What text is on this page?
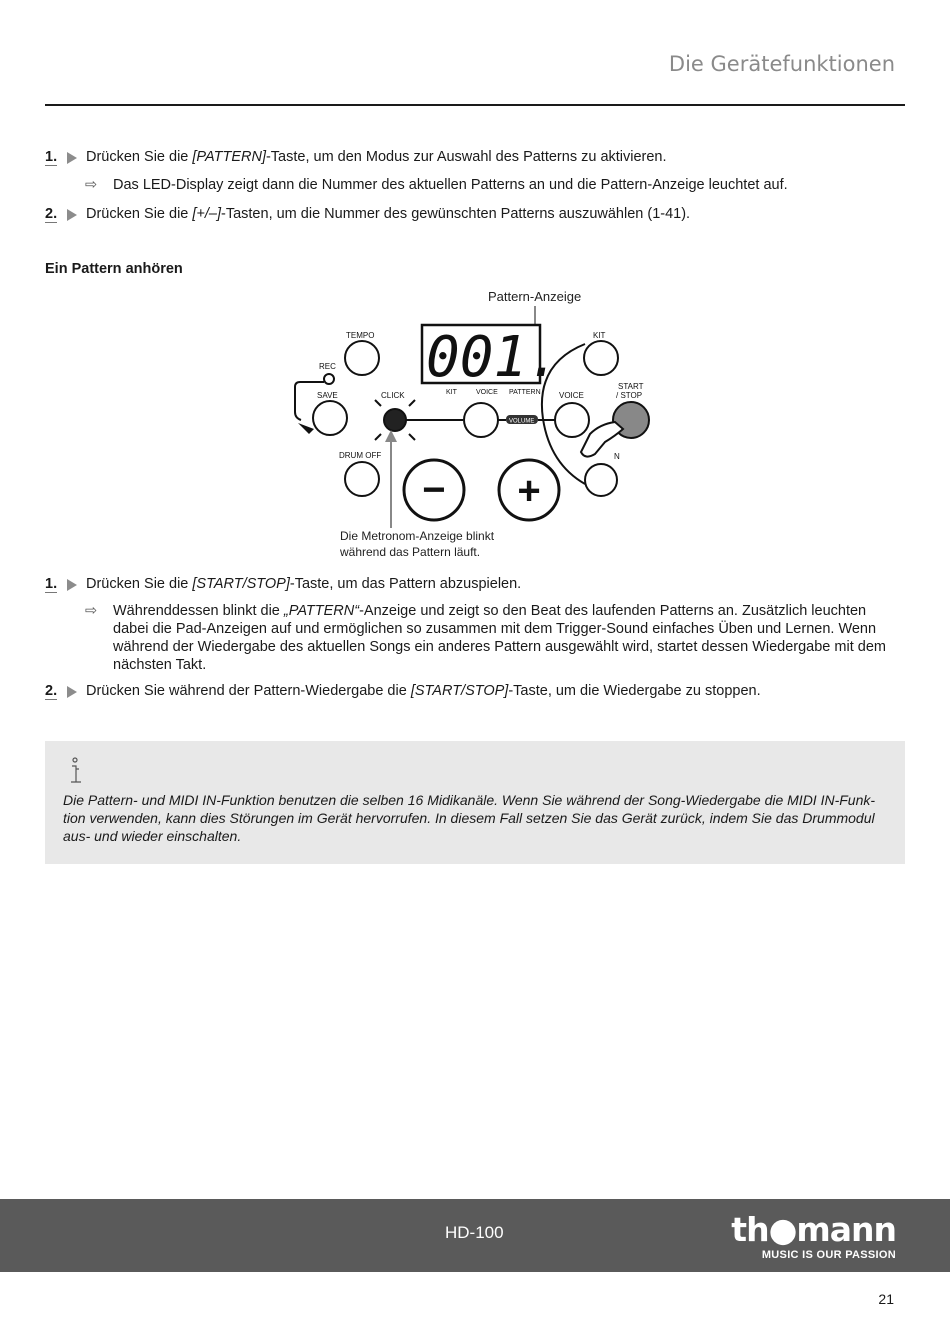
Die Gerätefunktionen
1.	Drücken Sie die [PATTERN]-Taste, um den Modus zur Auswahl des Patterns zu aktivieren.
⇨ Das LED-Display zeigt dann die Nummer des aktuellen Patterns an und die Pattern-Anzeige leuchtet auf.
2.	Drücken Sie die [+/–]-Tasten, um die Nummer des gewünschten Patterns auszuwählen (1-41).
Ein Pattern anhören
Pattern-Anzeige
001.
KIT	VOICE PATTERN
TEMPO
REC
SAVE	CLICK
VOLUME
VOICE
KIT
START
/ STOP
DRUM OFF	N
− +
Die Metronom-Anzeige blinkt
während das Pattern läuft.
1.	Drücken Sie die [START/STOP]-Taste, um das Pattern abzuspielen.
⇨ Währenddessen blinkt die „PATTERN“-Anzeige und zeigt so den Beat des laufenden Patterns an. Zusätzlich leuchten dabei die Pad-Anzeigen auf und ermöglichen so zusammen mit dem Trigger-Sound einfaches Üben und Lernen. Wenn während der Wiedergabe des aktuellen Songs ein anderes Pattern ausgewählt wird, startet dessen Wiedergabe mit dem nächsten Takt.
2.	Drücken Sie während der Pattern-Wiedergabe die [START/STOP]-Taste, um die Wiedergabe zu stoppen.
Die Pattern- und MIDI IN-Funktion benutzen die selben 16 Midikanäle. Wenn Sie während der Song-Wiedergabe die MIDI IN-Funk-tion verwenden, kann dies Störungen im Gerät hervorrufen. In diesem Fall setzen Sie das Gerät zurück, indem Sie das Drummodul aus- und wieder einschalten.
HD-100	th●mann
MUSIC IS OUR PASSION
21
